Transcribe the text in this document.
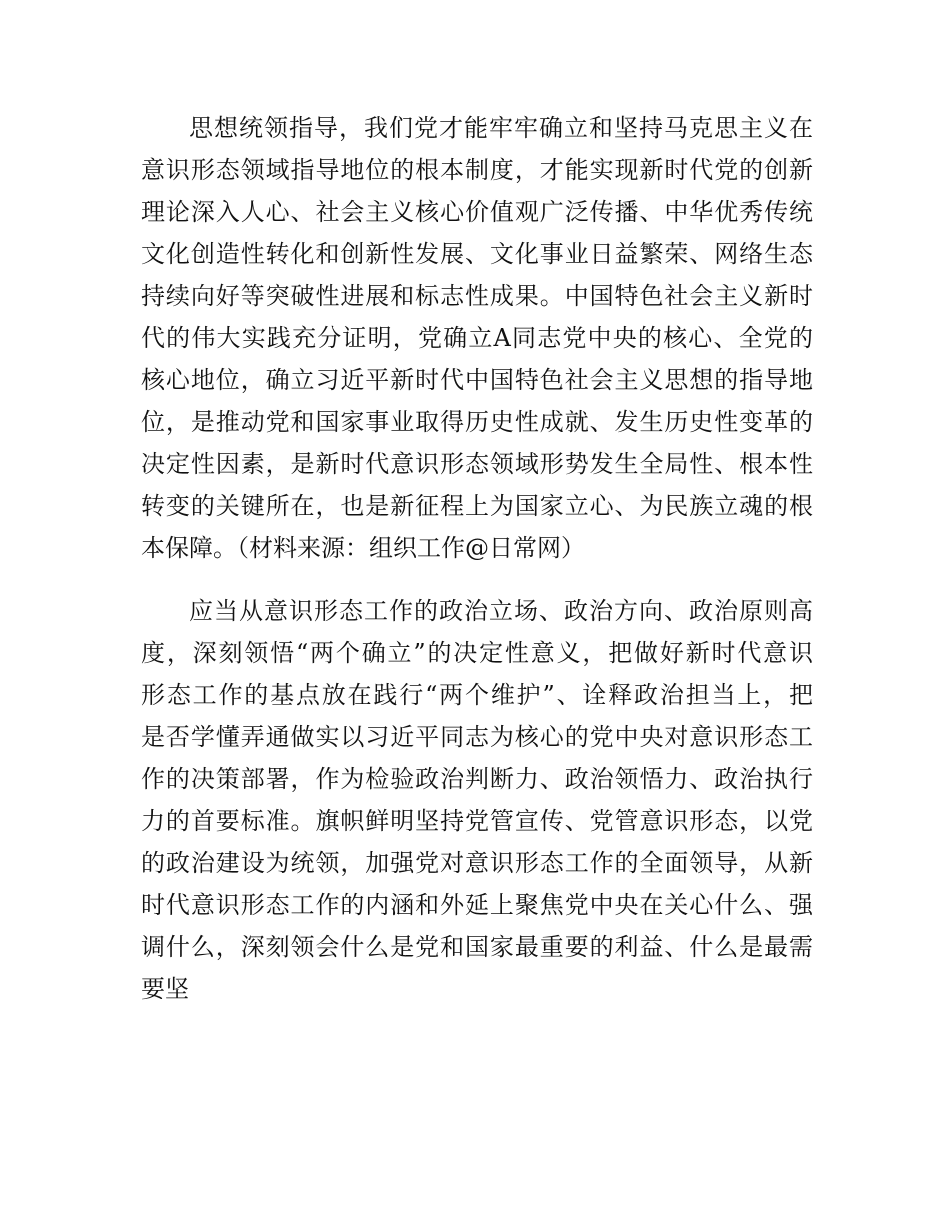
思想统领指导，我们党才能牢牢确立和坚持马克思主义在
意识形态领域指导地位的根本制度，才能实现新时代党的创新
理论深入人心、社会主义核心价值观广泛传播、中华优秀传统
文化创造性转化和创新性发展、文化事业日益繁荣、网络生态
持续向好等突破性进展和标志性成果。中国特色社会主义新时
代的伟大实践充分证明，党确立A同志党中央的核心、全党的
核心地位，确立习近平新时代中国特色社会主义思想的指导地
位，是推动党和国家事业取得历史性成就、发生历史性变革的
决定性因素，是新时代意识形态领域形势发生全局性、根本性
转变的关键所在，也是新征程上为国家立心、为民族立魂的根
本保障。（材料来源：组织工作@日常网）
应当从意识形态工作的政治立场、政治方向、政治原则高
度，深刻领悟“两个确立”的决定性意义，把做好新时代意识
形态工作的基点放在践行“两个维护”、诠释政治担当上，把
是否学懂弄通做实以习近平同志为核心的党中央对意识形态工
作的决策部署，作为检验政治判断力、政治领悟力、政治执行
力的首要标准。旗帜鲜明坚持党管宣传、党管意识形态，以党
的政治建设为统领，加强党对意识形态工作的全面领导，从新
时代意识形态工作的内涵和外延上聚焦党中央在关心什么、强
调什么，深刻领会什么是党和国家最重要的利益、什么是最需
要坚
